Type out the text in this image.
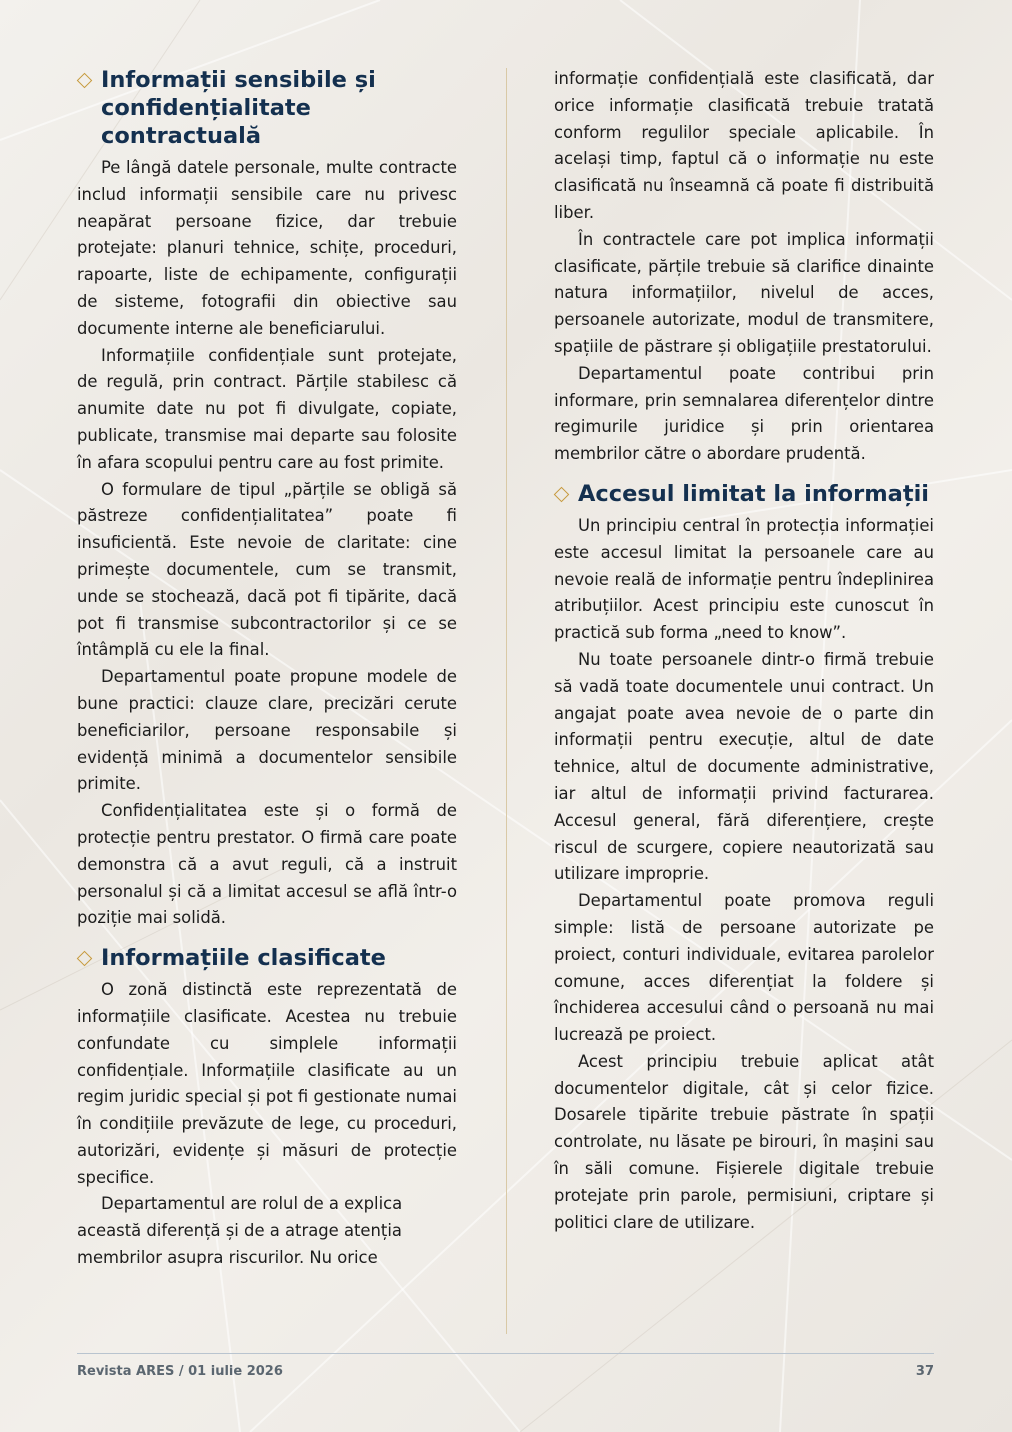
Informații sensibile și confidențialitate contractuală

Pe lângă datele personale, multe contracte includ informații sensibile care nu privesc neapărat persoane fizice, dar trebuie protejate: planuri tehnice, schițe, proceduri, rapoarte, liste de echipamente, configurații de sisteme, fotografii din obiective sau documente interne ale beneficiarului.

Informațiile confidențiale sunt protejate, de regulă, prin contract. Părțile stabilesc că anumite date nu pot fi divulgate, copiate, publicate, transmise mai departe sau folosite în afara scopului pentru care au fost primite.

O formulare de tipul „părțile se obligă să păstreze confidențialitatea” poate fi insuficientă. Este nevoie de claritate: cine primește documentele, cum se transmit, unde se stochează, dacă pot fi tipărite, dacă pot fi transmise subcontractorilor și ce se întâmplă cu ele la final.

Departamentul poate propune modele de bune practici: clauze clare, precizări cerute beneficiarilor, persoane responsabile și evidență minimă a documentelor sensibile primite.

Confidențialitatea este și o formă de protecție pentru prestator. O firmă care poate demonstra că a avut reguli, că a instruit personalul și că a limitat accesul se află într-o poziție mai solidă.

Informațiile clasificate

O zonă distinctă este reprezentată de informațiile clasificate. Acestea nu trebuie confundate cu simplele informații confidențiale. Informațiile clasificate au un regim juridic special și pot fi gestionate numai în condițiile prevăzute de lege, cu proceduri, autorizări, evidențe și măsuri de protecție specifice.

Departamentul are rolul de a explica această diferență și de a atrage atenția membrilor asupra riscurilor. Nu orice

informație confidențială este clasificată, dar orice informație clasificată trebuie tratată conform regulilor speciale aplicabile. În același timp, faptul că o informație nu este clasificată nu înseamnă că poate fi distribuită liber.

În contractele care pot implica informații clasificate, părțile trebuie să clarifice dinainte natura informațiilor, nivelul de acces, persoanele autorizate, modul de transmitere, spațiile de păstrare și obligațiile prestatorului.

Departamentul poate contribui prin informare, prin semnalarea diferențelor dintre regimurile juridice și prin orientarea membrilor către o abordare prudentă.

Accesul limitat la informații

Un principiu central în protecția informației este accesul limitat la persoanele care au nevoie reală de informație pentru îndeplinirea atribuțiilor. Acest principiu este cunoscut în practică sub forma „need to know”.

Nu toate persoanele dintr-o firmă trebuie să vadă toate documentele unui contract. Un angajat poate avea nevoie de o parte din informații pentru execuție, altul de date tehnice, altul de documente administrative, iar altul de informații privind facturarea. Accesul general, fără diferențiere, crește riscul de scurgere, copiere neautorizată sau utilizare improprie.

Departamentul poate promova reguli simple: listă de persoane autorizate pe proiect, conturi individuale, evitarea parolelor comune, acces diferențiat la foldere și închiderea accesului când o persoană nu mai lucrează pe proiect.

Acest principiu trebuie aplicat atât documentelor digitale, cât și celor fizice. Dosarele tipărite trebuie păstrate în spații controlate, nu lăsate pe birouri, în mașini sau în săli comune. Fișierele digitale trebuie protejate prin parole, permisiuni, criptare și politici clare de utilizare.

Revista ARES / 01 iulie 2026	37
